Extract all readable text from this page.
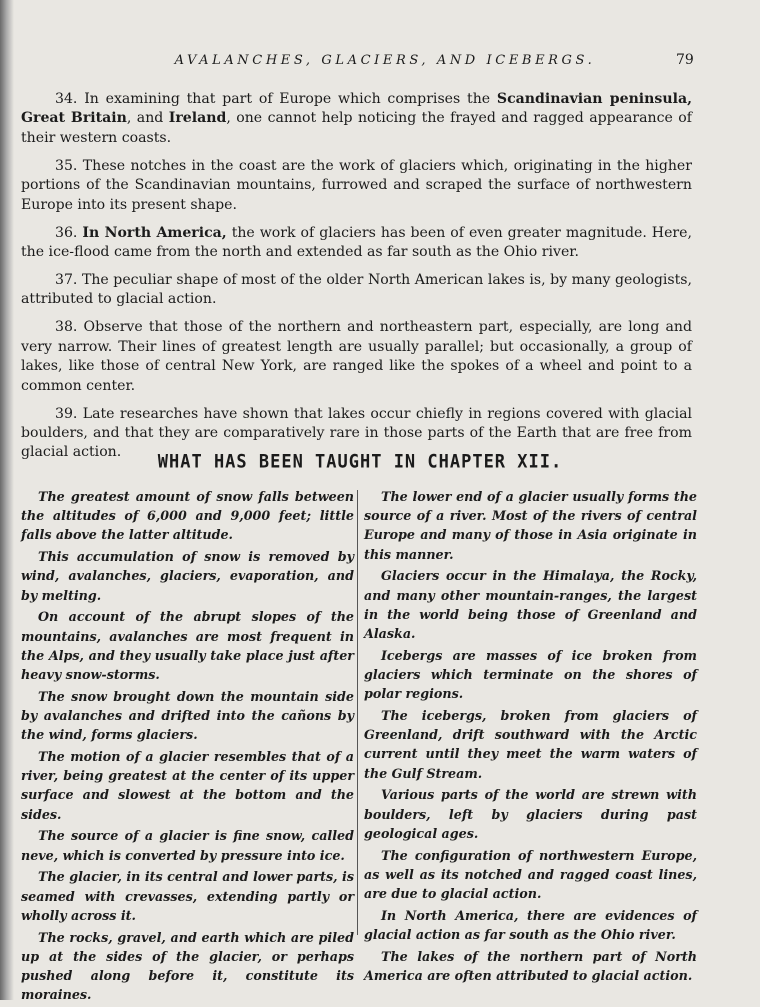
AVALANCHES, GLACIERS, AND ICEBERGS.	79

34. In examining that part of Europe which comprises the Scandinavian peninsula, Great Britain, and Ireland, one cannot help noticing the frayed and ragged appearance of their western coasts.

35. These notches in the coast are the work of glaciers which, originating in the higher portions of the Scandinavian mountains, furrowed and scraped the surface of northwestern Europe into its present shape.

36. In North America, the work of glaciers has been of even greater magnitude. Here, the ice-flood came from the north and extended as far south as the Ohio river.

37. The peculiar shape of most of the older North American lakes is, by many geologists, attributed to glacial action.

38. Observe that those of the northern and northeastern part, especially, are long and very narrow. Their lines of greatest length are usually parallel; but occasionally, a group of lakes, like those of central New York, are ranged like the spokes of a wheel and point to a common center.

39. Late researches have shown that lakes occur chiefly in regions covered with glacial boulders, and that they are comparatively rare in those parts of the Earth that are free from glacial action.	WHAT HAS BEEN TAUGHT IN CHAPTER XII.

The greatest amount of snow falls between the altitudes of 6,000 and 9,000 feet; little falls above the latter altitude.

This accumulation of snow is removed by wind, avalanches, glaciers, evaporation, and by melting.

On account of the abrupt slopes of the mountains, avalanches are most frequent in the Alps, and they usually take place just after heavy snow-storms.

The snow brought down the mountain side by avalanches and drifted into the cañons by the wind, forms glaciers.

The motion of a glacier resembles that of a river, being greatest at the center of its upper surface and slowest at the bottom and the sides.

The source of a glacier is fine snow, called neve, which is converted by pressure into ice.

The glacier, in its central and lower parts, is seamed with crevasses, extending partly or wholly across it.

The rocks, gravel, and earth which are piled up at the sides of the glacier, or perhaps pushed along before it, constitute its moraines.

The lower end of a glacier usually forms the source of a river. Most of the rivers of central Europe and many of those in Asia originate in this manner.

Glaciers occur in the Himalaya, the Rocky, and many other mountain-ranges, the largest in the world being those of Greenland and Alaska.

Icebergs are masses of ice broken from glaciers which terminate on the shores of polar regions.

The icebergs, broken from glaciers of Greenland, drift southward with the Arctic current until they meet the warm waters of the Gulf Stream.

Various parts of the world are strewn with boulders, left by glaciers during past geological ages.

The configuration of northwestern Europe, as well as its notched and ragged coast lines, are due to glacial action.

In North America, there are evidences of glacial action as far south as the Ohio river.

The lakes of the northern part of North America are often attributed to glacial action.
